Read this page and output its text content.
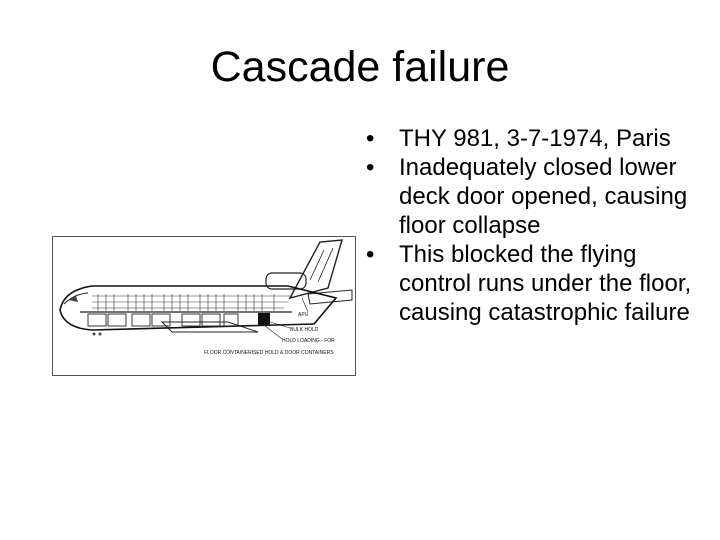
Cascade failure
APU
BULK HOLD
HOLD LOADING - FOR
FLOOR CONTAINERISED HOLD & DOOR CONTAINERS
• THY 981, 3-7-1974, Paris
• Inadequately closed lower deck door opened, causing floor collapse
• This blocked the flying control runs under the floor, causing catastrophic failure
